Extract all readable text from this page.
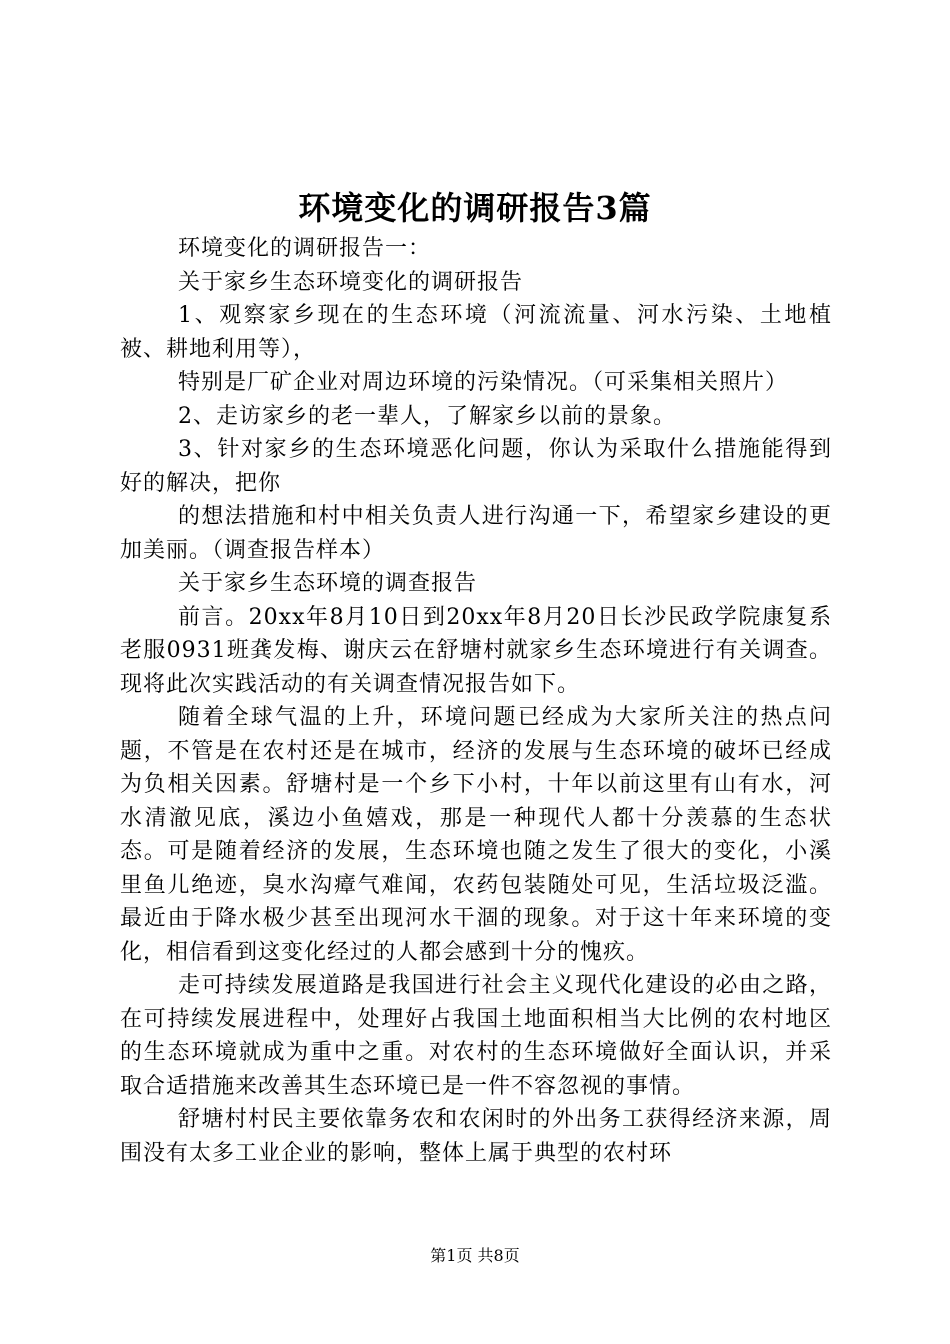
环境变化的调研报告3篇

环境变化的调研报告一：

关于家乡生态环境变化的调研报告

1、观察家乡现在的生态环境（河流流量、河水污染、土地植被、耕地利用等），

特别是厂矿企业对周边环境的污染情况。（可采集相关照片）

2、走访家乡的老一辈人，了解家乡以前的景象。

3、针对家乡的生态环境恶化问题，你认为采取什么措施能得到好的解决，把你

的想法措施和村中相关负责人进行沟通一下，希望家乡建设的更加美丽。（调查报告样本）

关于家乡生态环境的调查报告

前言。20xx年8月10日到20xx年8月20日长沙民政学院康复系老服0931班龚发梅、谢庆云在舒塘村就家乡生态环境进行有关调查。现将此次实践活动的有关调查情况报告如下。

随着全球气温的上升，环境问题已经成为大家所关注的热点问题，不管是在农村还是在城市，经济的发展与生态环境的破坏已经成为负相关因素。舒塘村是一个乡下小村，十年以前这里有山有水，河水清澈见底，溪边小鱼嬉戏，那是一种现代人都十分羡慕的生态状态。可是随着经济的发展，生态环境也随之发生了很大的变化，小溪里鱼儿绝迹，臭水沟瘴气难闻，农药包装随处可见，生活垃圾泛滥。最近由于降水极少甚至出现河水干涸的现象。对于这十年来环境的变化，相信看到这变化经过的人都会感到十分的愧疚。

走可持续发展道路是我国进行社会主义现代化建设的必由之路，在可持续发展进程中，处理好占我国土地面积相当大比例的农村地区的生态环境就成为重中之重。对农村的生态环境做好全面认识，并采取合适措施来改善其生态环境已是一件不容忽视的事情。

舒塘村村民主要依靠务农和农闲时的外出务工获得经济来源，周围没有太多工业企业的影响，整体上属于典型的农村环

第1页 共8页
